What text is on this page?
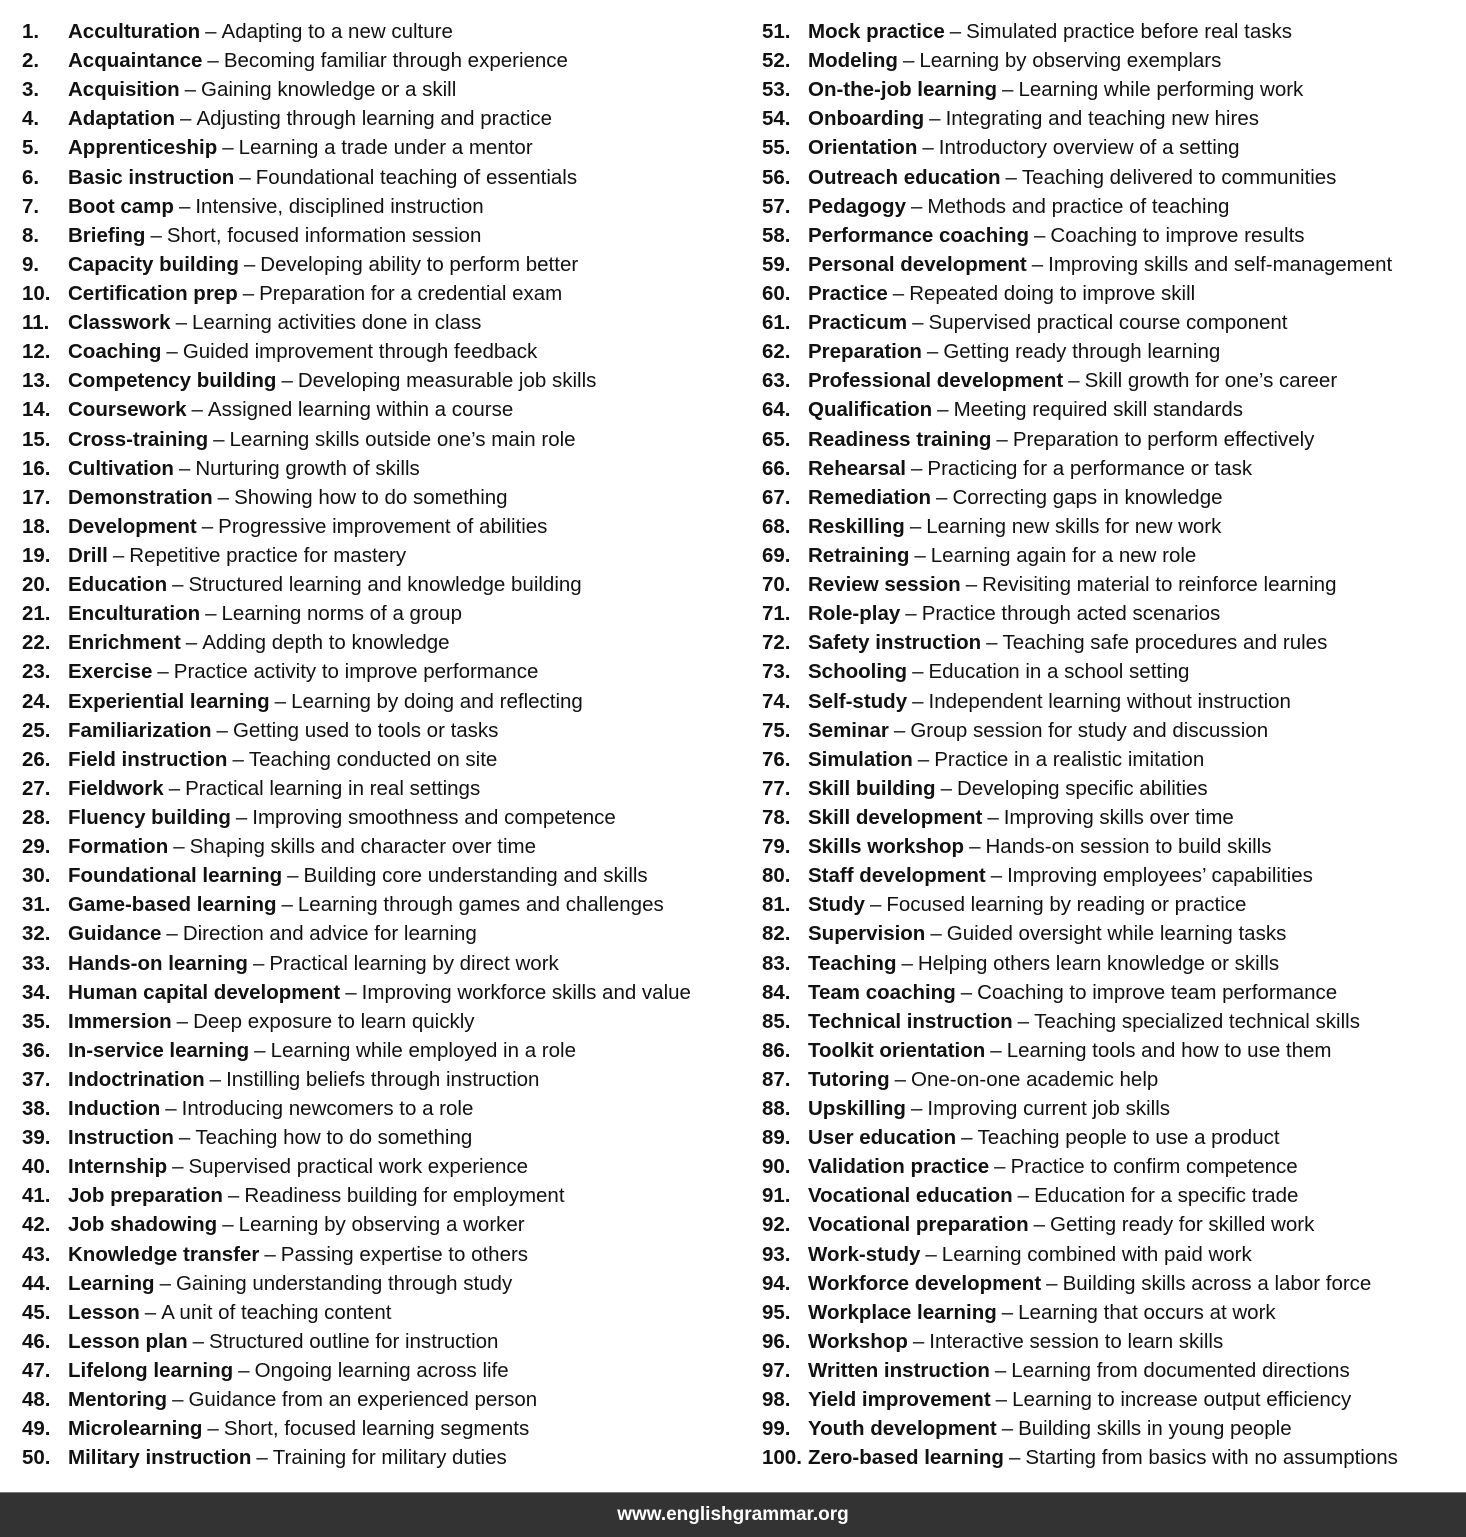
1.	Acculturation – Adapting to a new culture
2.	Acquaintance – Becoming familiar through experience
3.	Acquisition – Gaining knowledge or a skill
4.	Adaptation – Adjusting through learning and practice
5.	Apprenticeship – Learning a trade under a mentor
6.	Basic instruction – Foundational teaching of essentials
7.	Boot camp – Intensive, disciplined instruction
8.	Briefing – Short, focused information session
9.	Capacity building – Developing ability to perform better
10. Certification prep – Preparation for a credential exam
11. Classwork – Learning activities done in class
12. Coaching – Guided improvement through feedback
13. Competency building – Developing measurable job skills
14. Coursework – Assigned learning within a course
15. Cross-training – Learning skills outside one’s main role
16. Cultivation – Nurturing growth of skills
17. Demonstration – Showing how to do something
18. Development – Progressive improvement of abilities
19. Drill – Repetitive practice for mastery
20. Education – Structured learning and knowledge building
21. Enculturation – Learning norms of a group
22. Enrichment – Adding depth to knowledge
23. Exercise – Practice activity to improve performance
24. Experiential learning – Learning by doing and reflecting
25. Familiarization – Getting used to tools or tasks
26. Field instruction – Teaching conducted on site
27. Fieldwork – Practical learning in real settings
28. Fluency building – Improving smoothness and competence
29. Formation – Shaping skills and character over time
30. Foundational learning – Building core understanding and skills
31. Game-based learning – Learning through games and challenges
32. Guidance – Direction and advice for learning
33. Hands-on learning – Practical learning by direct work
34. Human capital development – Improving workforce skills and value
35. Immersion – Deep exposure to learn quickly
36. In-service learning – Learning while employed in a role
37. Indoctrination – Instilling beliefs through instruction
38. Induction – Introducing newcomers to a role
39. Instruction – Teaching how to do something
40. Internship – Supervised practical work experience
41. Job preparation – Readiness building for employment
42. Job shadowing – Learning by observing a worker
43. Knowledge transfer – Passing expertise to others
44. Learning – Gaining understanding through study
45. Lesson – A unit of teaching content
46. Lesson plan – Structured outline for instruction
47. Lifelong learning – Ongoing learning across life
48. Mentoring – Guidance from an experienced person
49. Microlearning – Short, focused learning segments
50. Military instruction – Training for military duties
51. Mock practice – Simulated practice before real tasks
52. Modeling – Learning by observing exemplars
53. On-the-job learning – Learning while performing work
54. Onboarding – Integrating and teaching new hires
55. Orientation – Introductory overview of a setting
56. Outreach education – Teaching delivered to communities
57. Pedagogy – Methods and practice of teaching
58. Performance coaching – Coaching to improve results
59. Personal development – Improving skills and self-management
60. Practice – Repeated doing to improve skill
61. Practicum – Supervised practical course component
62. Preparation – Getting ready through learning
63. Professional development – Skill growth for one’s career
64. Qualification – Meeting required skill standards
65. Readiness training – Preparation to perform effectively
66. Rehearsal – Practicing for a performance or task
67. Remediation – Correcting gaps in knowledge
68. Reskilling – Learning new skills for new work
69. Retraining – Learning again for a new role
70. Review session – Revisiting material to reinforce learning
71. Role-play – Practice through acted scenarios
72. Safety instruction – Teaching safe procedures and rules
73. Schooling – Education in a school setting
74. Self-study – Independent learning without instruction
75. Seminar – Group session for study and discussion
76. Simulation – Practice in a realistic imitation
77. Skill building – Developing specific abilities
78. Skill development – Improving skills over time
79. Skills workshop – Hands-on session to build skills
80. Staff development – Improving employees’ capabilities
81. Study – Focused learning by reading or practice
82. Supervision – Guided oversight while learning tasks
83. Teaching – Helping others learn knowledge or skills
84. Team coaching – Coaching to improve team performance
85. Technical instruction – Teaching specialized technical skills
86. Toolkit orientation – Learning tools and how to use them
87. Tutoring – One-on-one academic help
88. Upskilling – Improving current job skills
89. User education – Teaching people to use a product
90. Validation practice – Practice to confirm competence
91. Vocational education – Education for a specific trade
92. Vocational preparation – Getting ready for skilled work
93. Work-study – Learning combined with paid work
94. Workforce development – Building skills across a labor force
95. Workplace learning – Learning that occurs at work
96. Workshop – Interactive session to learn skills
97. Written instruction – Learning from documented directions
98. Yield improvement – Learning to increase output efficiency
99. Youth development – Building skills in young people
100. Zero-based learning – Starting from basics with no assumptions
www.englishgrammar.org
